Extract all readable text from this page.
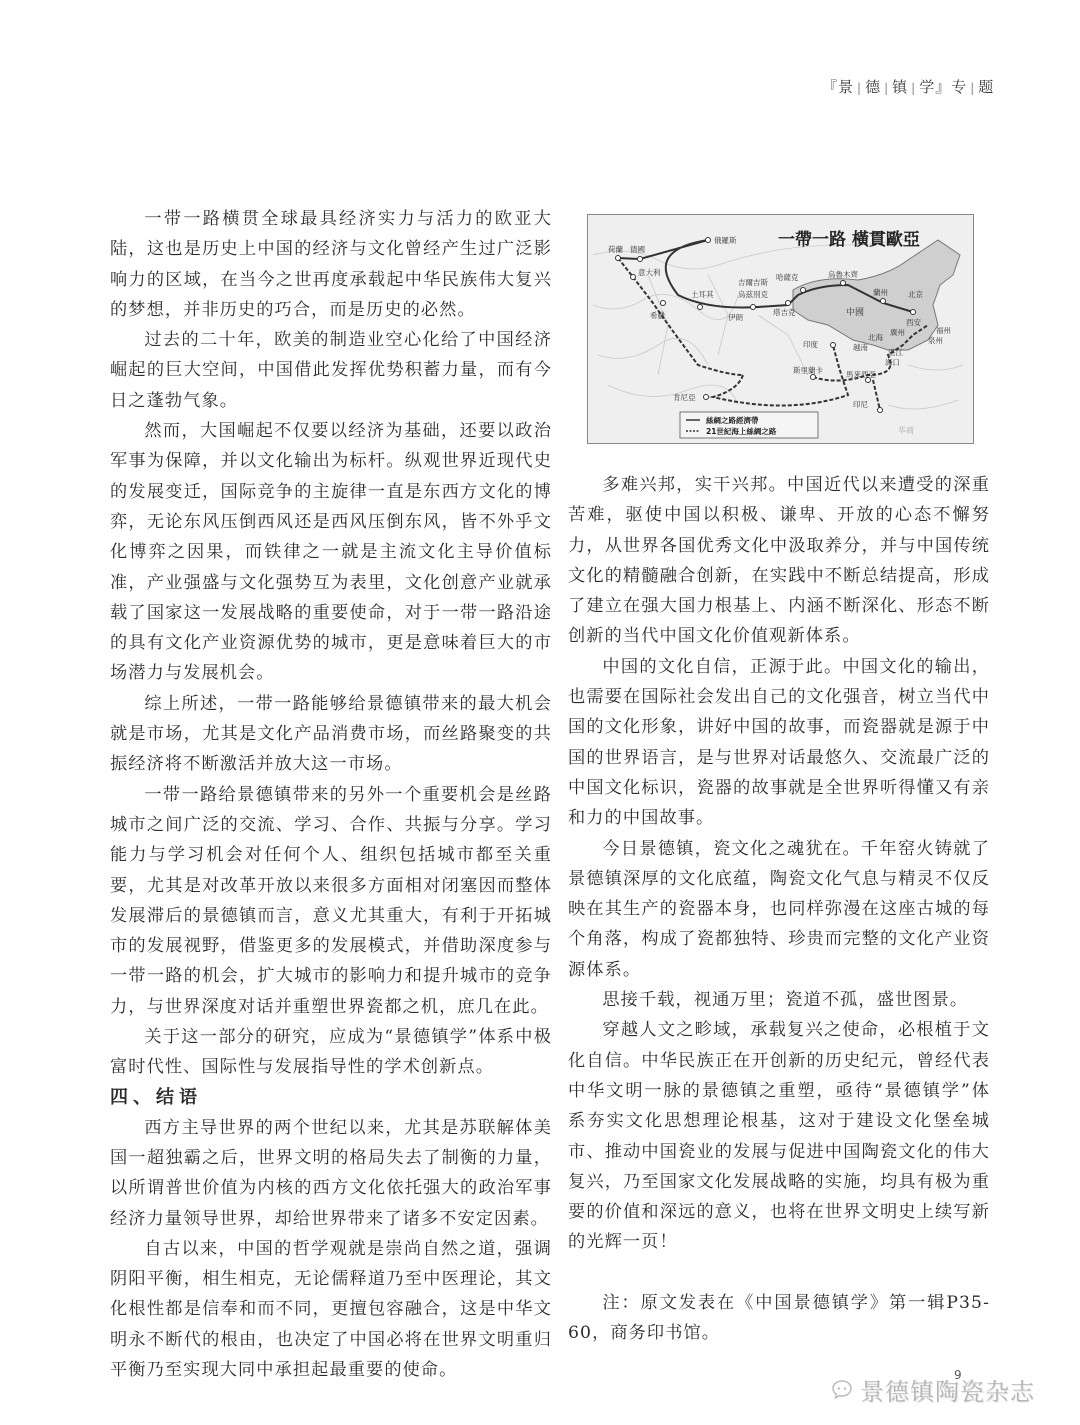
『景 | 德 | 镇 | 学』专 | 题

一带一路横贯全球最具经济实力与活力的欧亚大陆，这也是历史上中国的经济与文化曾经产生过广泛影响力的区域，在当今之世再度承载起中华民族伟大复兴的梦想，并非历史的巧合，而是历史的必然。

过去的二十年，欧美的制造业空心化给了中国经济崛起的巨大空间，中国借此发挥优势积蓄力量，而有今日之蓬勃气象。

然而，大国崛起不仅要以经济为基础，还要以政治军事为保障，并以文化输出为标杆。纵观世界近现代史的发展变迁，国际竞争的主旋律一直是东西方文化的博弈，无论东风压倒西风还是西风压倒东风，皆不外乎文化博弈之因果，而铁律之一就是主流文化主导价值标准，产业强盛与文化强势互为表里，文化创意产业就承载了国家这一发展战略的重要使命，对于一带一路沿途的具有文化产业资源优势的城市，更是意味着巨大的市场潜力与发展机会。

综上所述，一带一路能够给景德镇带来的最大机会就是市场，尤其是文化产品消费市场，而丝路聚变的共振经济将不断激活并放大这一市场。

一带一路给景德镇带来的另外一个重要机会是丝路城市之间广泛的交流、学习、合作、共振与分享。学习能力与学习机会对任何个人、组织包括城市都至关重要，尤其是对改革开放以来很多方面相对闭塞因而整体发展滞后的景德镇而言，意义尤其重大，有利于开拓城市的发展视野，借鉴更多的发展模式，并借助深度参与一带一路的机会，扩大城市的影响力和提升城市的竞争力，与世界深度对话并重塑世界瓷都之机，庶几在此。

关于这一部分的研究，应成为“景德镇学”体系中极富时代性、国际性与发展指导性的学术创新点。

四、结语

西方主导世界的两个世纪以来，尤其是苏联解体美国一超独霸之后，世界文明的格局失去了制衡的力量，以所谓普世价值为内核的西方文化依托强大的政治军事经济力量领导世界，却给世界带来了诸多不安定因素。

自古以来，中国的哲学观就是崇尚自然之道，强调阴阳平衡，相生相克，无论儒释道乃至中医理论，其文化根性都是信奉和而不同，更擅包容融合，这是中华文明永不断代的根由，也决定了中国必将在世界文明重归平衡乃至实现大同中承担起最重要的使命。

中國
一帶一路 橫貫歐亞
俄羅斯
荷蘭 德國
意大利
希臘
土耳其
吉爾吉斯
烏茲別克
哈薩克
塔吉克
伊朗
烏魯木齊
蘭州	北京
西安
印度
斯里蘭卡
越南
北海
廣州	福州
泉州
湛江
海口
馬來西亞
印尼
肯尼亞
絲綢之路經濟帶
21世紀海上絲綢之路	华商

多难兴邦，实干兴邦。中国近代以来遭受的深重苦难，驱使中国以积极、谦卑、开放的心态不懈努力，从世界各国优秀文化中汲取养分，并与中国传统文化的精髓融合创新，在实践中不断总结提高，形成了建立在强大国力根基上、内涵不断深化、形态不断创新的当代中国文化价值观新体系。

中国的文化自信，正源于此。中国文化的输出，也需要在国际社会发出自己的文化强音，树立当代中国的文化形象，讲好中国的故事，而瓷器就是源于中国的世界语言，是与世界对话最悠久、交流最广泛的中国文化标识，瓷器的故事就是全世界听得懂又有亲和力的中国故事。

今日景德镇，瓷文化之魂犹在。千年窑火铸就了景德镇深厚的文化底蕴，陶瓷文化气息与精灵不仅反映在其生产的瓷器本身，也同样弥漫在这座古城的每个角落，构成了瓷都独特、珍贵而完整的文化产业资源体系。

思接千载，视通万里；瓷道不孤，盛世图景。

穿越人文之畛域，承载复兴之使命，必根植于文化自信。中华民族正在开创新的历史纪元，曾经代表中华文明一脉的景德镇之重塑，亟待“景德镇学”体系夯实文化思想理论根基，这对于建设文化堡垒城市、推动中国瓷业的发展与促进中国陶瓷文化的伟大复兴，乃至国家文化发展战略的实施，均具有极为重要的价值和深远的意义，也将在世界文明史上续写新的光辉一页！

注：原文发表在《中国景德镇学》第一辑P35-60，商务印书馆。

9
景德镇陶瓷杂志
